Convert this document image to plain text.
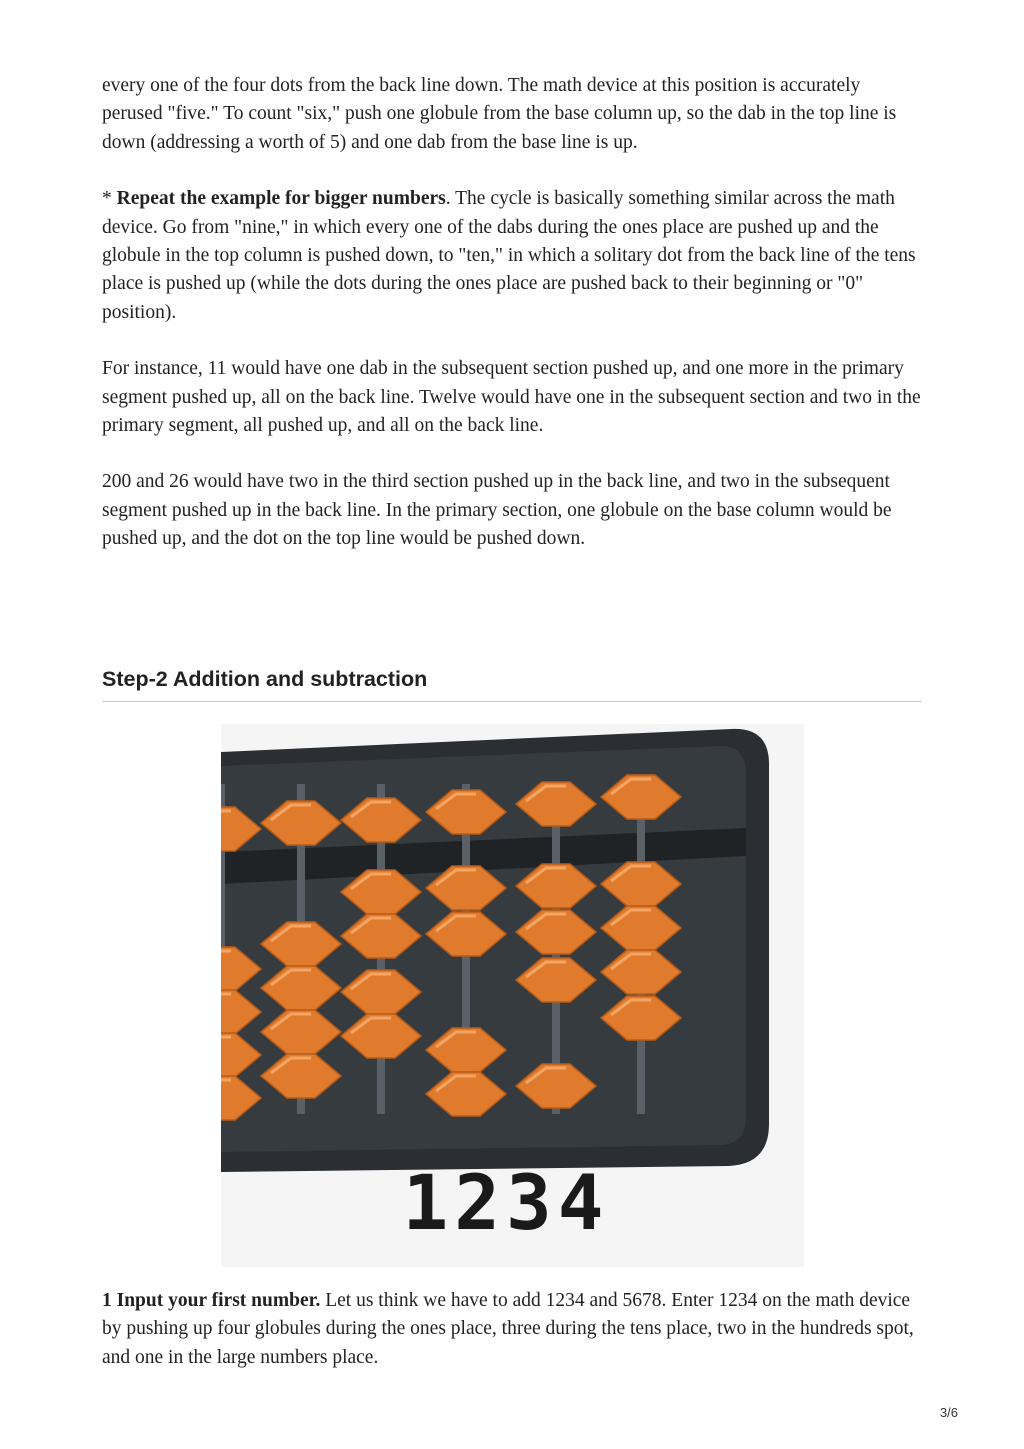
every one of the four dots from the back line down. The math device at this position is accurately perused "five." To count "six," push one globule from the base column up, so the dab in the top line is down (addressing a worth of 5) and one dab from the base line is up.

* Repeat the example for bigger numbers. The cycle is basically something similar across the math device. Go from "nine," in which every one of the dabs during the ones place are pushed up and the globule in the top column is pushed down, to "ten," in which a solitary dot from the back line of the tens place is pushed up (while the dots during the ones place are pushed back to their beginning or "0" position).

For instance, 11 would have one dab in the subsequent section pushed up, and one more in the primary segment pushed up, all on the back line. Twelve would have one in the subsequent section and two in the primary segment, all pushed up, and all on the back line.

200 and 26 would have two in the third section pushed up in the back line, and two in the subsequent segment pushed up in the back line. In the primary section, one globule on the base column would be pushed up, and the dot on the top line would be pushed down.

Step-2 Addition and subtraction
1234

1 Input your first number. Let us think we have to add 1234 and 5678. Enter 1234 on the math device by pushing up four globules during the ones place, three during the tens place, two in the hundreds spot, and one in the large numbers place.

3/6
